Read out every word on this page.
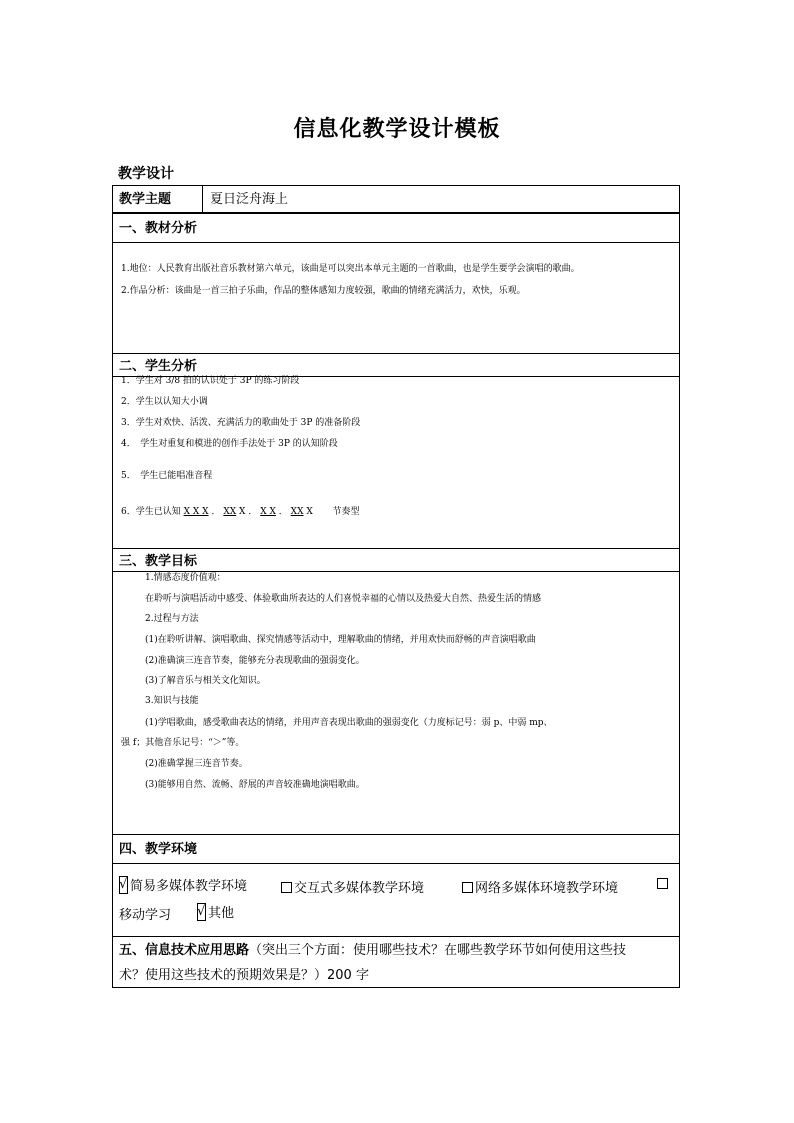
信息化教学设计模板
教学设计
教学主题	夏日泛舟海上
一、教材分析
1.地位：人民教育出版社音乐教材第六单元，该曲是可以突出本单元主题的一首歌曲，也是学生要学会演唱的歌曲。
2.作品分析：该曲是一首三拍子乐曲，作品的整体感知力度较强，歌曲的情绪充满活力，欢快，乐观。
二、学生分析
1．学生对 3/8 拍的认识处于 3P 的练习阶段
2．学生以认知大小调
3．学生对欢快、活泼、充满活力的歌曲处于 3P 的准备阶段
4．　学生对重复和模进的创作手法处于 3P 的认知阶段
5．　学生已能唱准音程
6．学生已认知 X X X ． XX X ． X X ． XX X 节奏型
三、教学目标
1.情感态度价值观：
在聆听与演唱活动中感受、体验歌曲所表达的人们喜悦幸福的心情以及热爱大自然、热爱生活的情感
2.过程与方法
(1)在聆听讲解、演唱歌曲、探究情感等活动中，理解歌曲的情绪，并用欢快而舒畅的声音演唱歌曲
(2)准确演三连音节奏，能够充分表现歌曲的强弱变化。
(3)了解音乐与相关文化知识。
3.知识与技能
(1)学唱歌曲，感受歌曲表达的情绪，并用声音表现出歌曲的强弱变化（力度标记号：弱 p、中弱 mp、
强 f；其他音乐记号：“＞”等。
(2)准确掌握三连音节奏。
(3)能够用自然、流畅、舒展的声音较准确地演唱歌曲。
四、教学环境
√简易多媒体教学环境	交互式多媒体教学环境	网络多媒体环境教学环境
移动学习
√	其他
五、信息技术应用思路（突出三个方面：使用哪些技术？在哪些教学环节如何使用这些技
术？使用这些技术的预期效果是？）200 字
